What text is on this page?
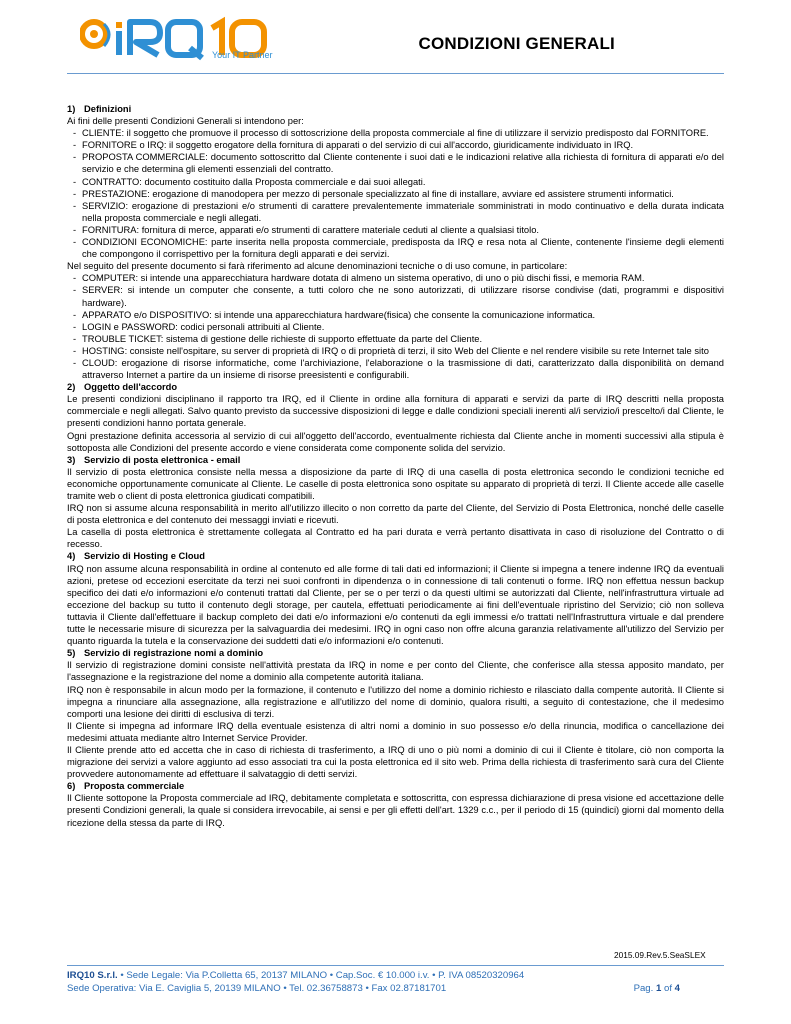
Your IT Partner
CONDIZIONI GENERALI

1) Definizioni

Ai fini delle presenti Condizioni Generali si intendono per:

- CLIENTE: il soggetto che promuove il processo di sottoscrizione della proposta commerciale al fine di utilizzare il servizio predisposto dal FORNITORE.
- FORNITORE o IRQ: il soggetto erogatore della fornitura di apparati o del servizio di cui all'accordo, giuridicamente individuato in IRQ.
- PROPOSTA COMMERCIALE: documento sottoscritto dal Cliente contenente i suoi dati e le indicazioni relative alla richiesta di fornitura di apparati e/o del servizio e che determina gli elementi essenziali del contratto.
- CONTRATTO: documento costituito dalla Proposta commerciale e dai suoi allegati.
- PRESTAZIONE: erogazione di manodopera per mezzo di personale specializzato al fine di installare, avviare ed assistere strumenti informatici.
- SERVIZIO: erogazione di prestazioni e/o strumenti di carattere prevalentemente immateriale somministrati in modo continuativo e della durata indicata nella proposta commerciale e negli allegati.
- FORNITURA: fornitura di merce, apparati e/o strumenti di carattere materiale ceduti al cliente a qualsiasi titolo.
- CONDIZIONI ECONOMICHE: parte inserita nella proposta commerciale, predisposta da IRQ e resa nota al Cliente, contenente l'insieme degli elementi che compongono il corrispettivo per la fornitura degli apparati e dei servizi.

Nel seguito del presente documento si farà riferimento ad alcune denominazioni tecniche o di uso comune, in particolare:

- COMPUTER: si intende una apparecchiatura hardware dotata di almeno un sistema operativo, di uno o più dischi fissi, e memoria RAM.
- SERVER: si intende un computer che consente, a tutti coloro che ne sono autorizzati, di utilizzare risorse condivise (dati, programmi e dispositivi hardware).
- APPARATO e/o DISPOSITIVO: si intende una apparecchiatura hardware(fisica) che consente la comunicazione informatica.
- LOGIN e PASSWORD: codici personali attribuiti al Cliente.
- TROUBLE TICKET: sistema di gestione delle richieste di supporto effettuate da parte del Cliente.
- HOSTING: consiste nell'ospitare, su server di proprietà di IRQ o di proprietà di terzi, il sito Web del Cliente e nel rendere visibile su rete Internet tale sito
- CLOUD: erogazione di risorse informatiche, come l'archiviazione, l'elaborazione o la trasmissione di dati, caratterizzato dalla disponibilità on demand attraverso Internet a partire da un insieme di risorse preesistenti e configurabili.

2) Oggetto dell'accordo

Le presenti condizioni disciplinano il rapporto tra IRQ, ed il Cliente in ordine alla fornitura di apparati e servizi da parte di IRQ descritti nella proposta commerciale e negli allegati. Salvo quanto previsto da successive disposizioni di legge e dalle condizioni speciali inerenti al/i servizio/i prescelto/i dal Cliente, le presenti condizioni hanno portata generale.

Ogni prestazione definita accessoria al servizio di cui all'oggetto dell'accordo, eventualmente richiesta dal Cliente anche in momenti successivi alla stipula è sottoposta alle Condizioni del presente accordo e viene considerata come componente solida del servizio.

3) Servizio di posta elettronica - email

Il servizio di posta elettronica consiste nella messa a disposizione da parte di IRQ di una casella di posta elettronica secondo le condizioni tecniche ed economiche opportunamente comunicate al Cliente. Le caselle di posta elettronica sono ospitate su apparato di proprietà di terzi. Il Cliente accede alle caselle tramite web o client di posta elettronica giudicati compatibili.

IRQ non si assume alcuna responsabilità in merito all'utilizzo illecito o non corretto da parte del Cliente, del Servizio di Posta Elettronica, nonché delle caselle di posta elettronica e del contenuto dei messaggi inviati e ricevuti.

La casella di posta elettronica è strettamente collegata al Contratto ed ha pari durata e verrà pertanto disattivata in caso di risoluzione del Contratto o di recesso.

4) Servizio di Hosting e Cloud

IRQ non assume alcuna responsabilità in ordine al contenuto ed alle forme di tali dati ed informazioni; il Cliente si impegna a tenere indenne IRQ da eventuali azioni, pretese od eccezioni esercitate da terzi nei suoi confronti in dipendenza o in connessione di tali contenuti o forme. IRQ non effettua nessun backup specifico dei dati e/o informazioni e/o contenuti trattati dal Cliente, per se o per terzi o da questi ultimi se autorizzati dal Cliente, nell'infrastruttura virtuale ad eccezione del backup su tutto il contenuto degli storage, per cautela, effettuati periodicamente ai fini dell'eventuale ripristino del Servizio; ciò non solleva tuttavia il Cliente dall'effettuare il backup completo dei dati e/o informazioni e/o contenuti da egli immessi e/o trattati nell'Infrastruttura virtuale e dal prendere tutte le necessarie misure di sicurezza per la salvaguardia dei medesimi. IRQ in ogni caso non offre alcuna garanzia relativamente all'utilizzo del Servizio per quanto riguarda la tutela e la conservazione dei suddetti dati e/o informazioni e/o contenuti.

5) Servizio di registrazione nomi a dominio

Il servizio di registrazione domini consiste nell'attività prestata da IRQ in nome e per conto del Cliente, che conferisce alla stessa apposito mandato, per l'assegnazione e la registrazione del nome a dominio alla competente autorità italiana.

IRQ non è responsabile in alcun modo per la formazione, il contenuto e l'utilizzo del nome a dominio richiesto e rilasciato dalla compente autorità. Il Cliente si impegna a rinunciare alla assegnazione, alla registrazione e all'utilizzo del nome di dominio, qualora risulti, a seguito di contestazione, che il medesimo comporti una lesione dei diritti di esclusiva di terzi.

Il Cliente si impegna ad informare IRQ della eventuale esistenza di altri nomi a dominio in suo possesso e/o della rinuncia, modifica o cancellazione dei medesimi attuata mediante altro Internet Service Provider.

Il Cliente prende atto ed accetta che in caso di richiesta di trasferimento, a IRQ di uno o più nomi a dominio di cui il Cliente è titolare, ciò non comporta la migrazione dei servizi a valore aggiunto ad esso associati tra cui la posta elettronica ed il sito web. Prima della richiesta di trasferimento sarà cura del Cliente provvedere autonomamente ad effettuare il salvataggio di detti servizi.

6) Proposta commerciale

Il Cliente sottopone la Proposta commerciale ad IRQ, debitamente completata e sottoscritta, con espressa dichiarazione di presa visione ed accettazione delle presenti Condizioni generali, la quale si considera irrevocabile, ai sensi e per gli effetti dell'art. 1329 c.c., per il periodo di 15 (quindici) giorni dal momento della ricezione della stessa da parte di IRQ.

2015.09.Rev.5.SeaSLEX
IRQ10 S.r.l. • Sede Legale: Via P.Colletta 65, 20137 MILANO • Cap.Soc. € 10.000 i.v. • P. IVA 08520320964
Sede Operativa: Via E. Caviglia 5, 20139 MILANO • Tel. 02.36758873 • Fax 02.87181701	Pag. 1 of 4
